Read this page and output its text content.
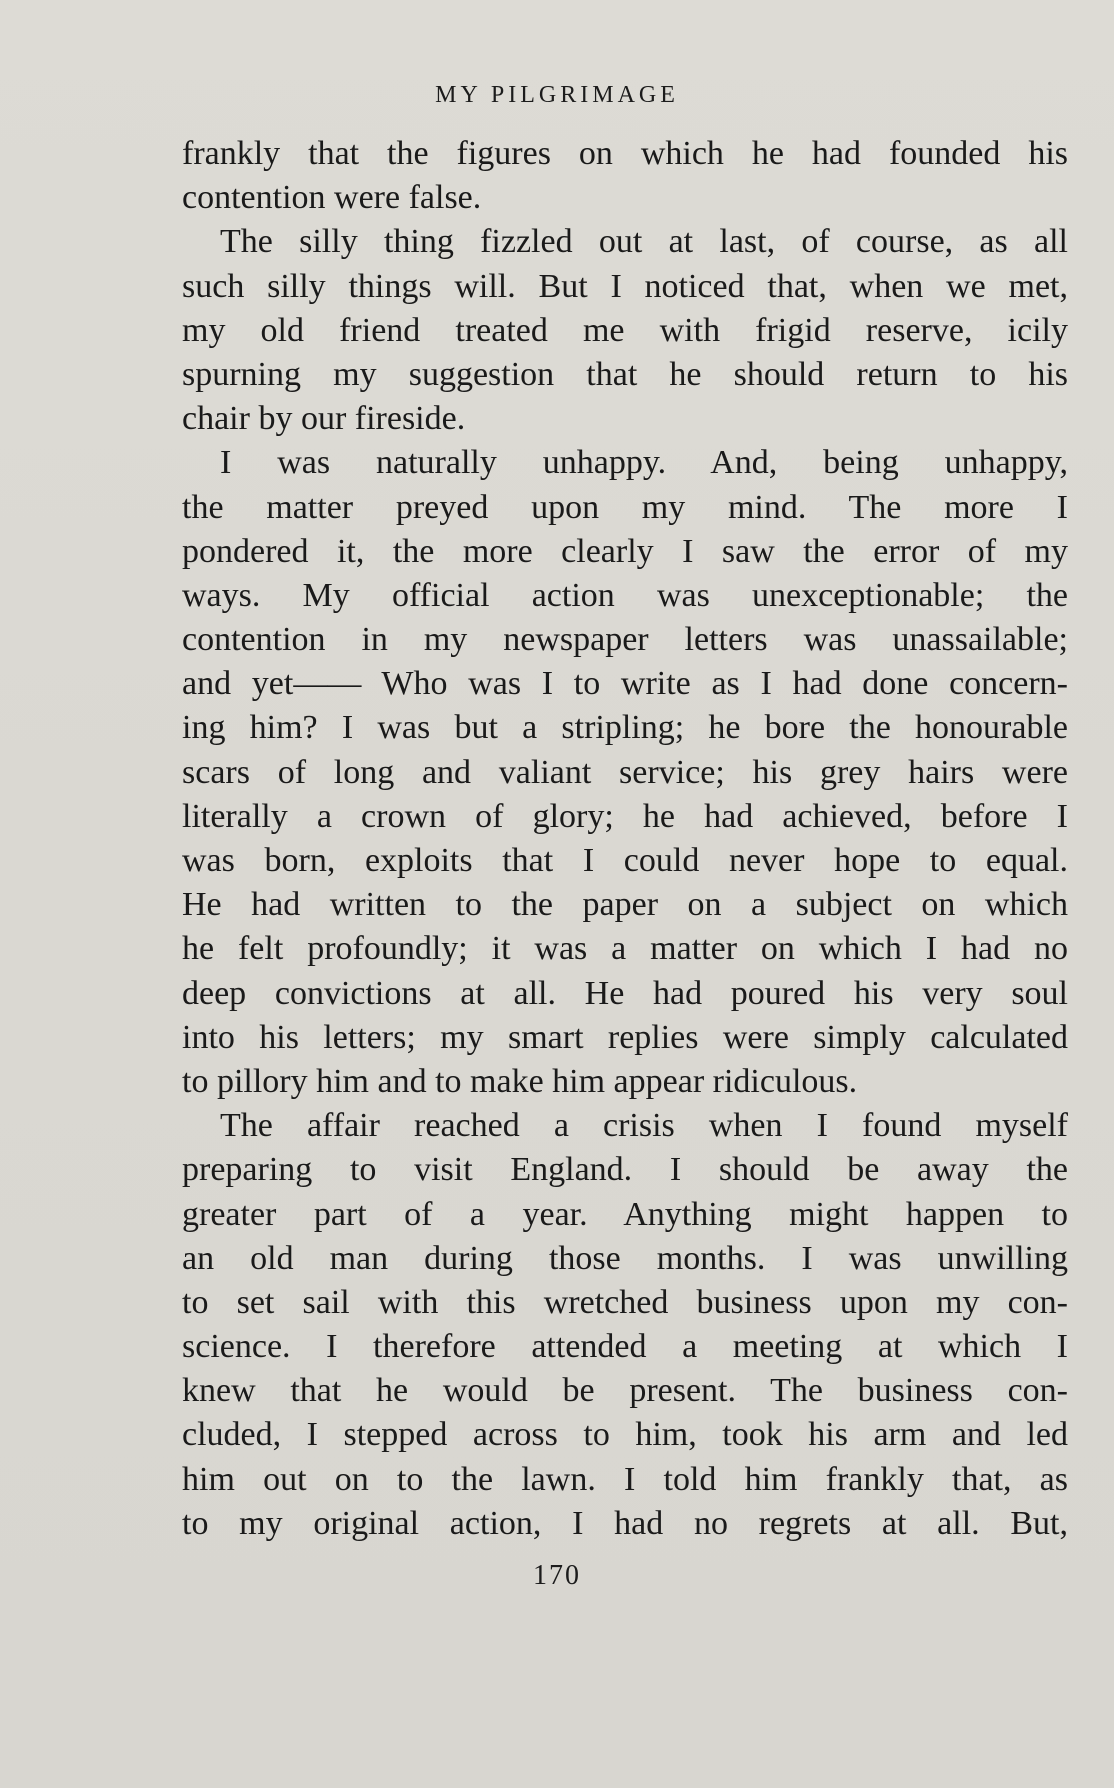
MY PILGRIMAGE
frankly that the figures on which he had founded his
contention were false.
The silly thing fizzled out at last, of course, as all
such silly things will. But I noticed that, when we met,
my old friend treated me with frigid reserve, icily
spurning my suggestion that he should return to his
chair by our fireside.
I was naturally unhappy. And, being unhappy,
the matter preyed upon my mind. The more I
pondered it, the more clearly I saw the error of my
ways. My official action was unexceptionable; the
contention in my newspaper letters was unassailable;
and yet—— Who was I to write as I had done concern-
ing him? I was but a stripling; he bore the honourable
scars of long and valiant service; his grey hairs were
literally a crown of glory; he had achieved, before I
was born, exploits that I could never hope to equal.
He had written to the paper on a subject on which
he felt profoundly; it was a matter on which I had no
deep convictions at all. He had poured his very soul
into his letters; my smart replies were simply calculated
to pillory him and to make him appear ridiculous.
The affair reached a crisis when I found myself
preparing to visit England. I should be away the
greater part of a year. Anything might happen to
an old man during those months. I was unwilling
to set sail with this wretched business upon my con-
science. I therefore attended a meeting at which I
knew that he would be present. The business con-
cluded, I stepped across to him, took his arm and led
him out on to the lawn. I told him frankly that, as
to my original action, I had no regrets at all. But,
170
